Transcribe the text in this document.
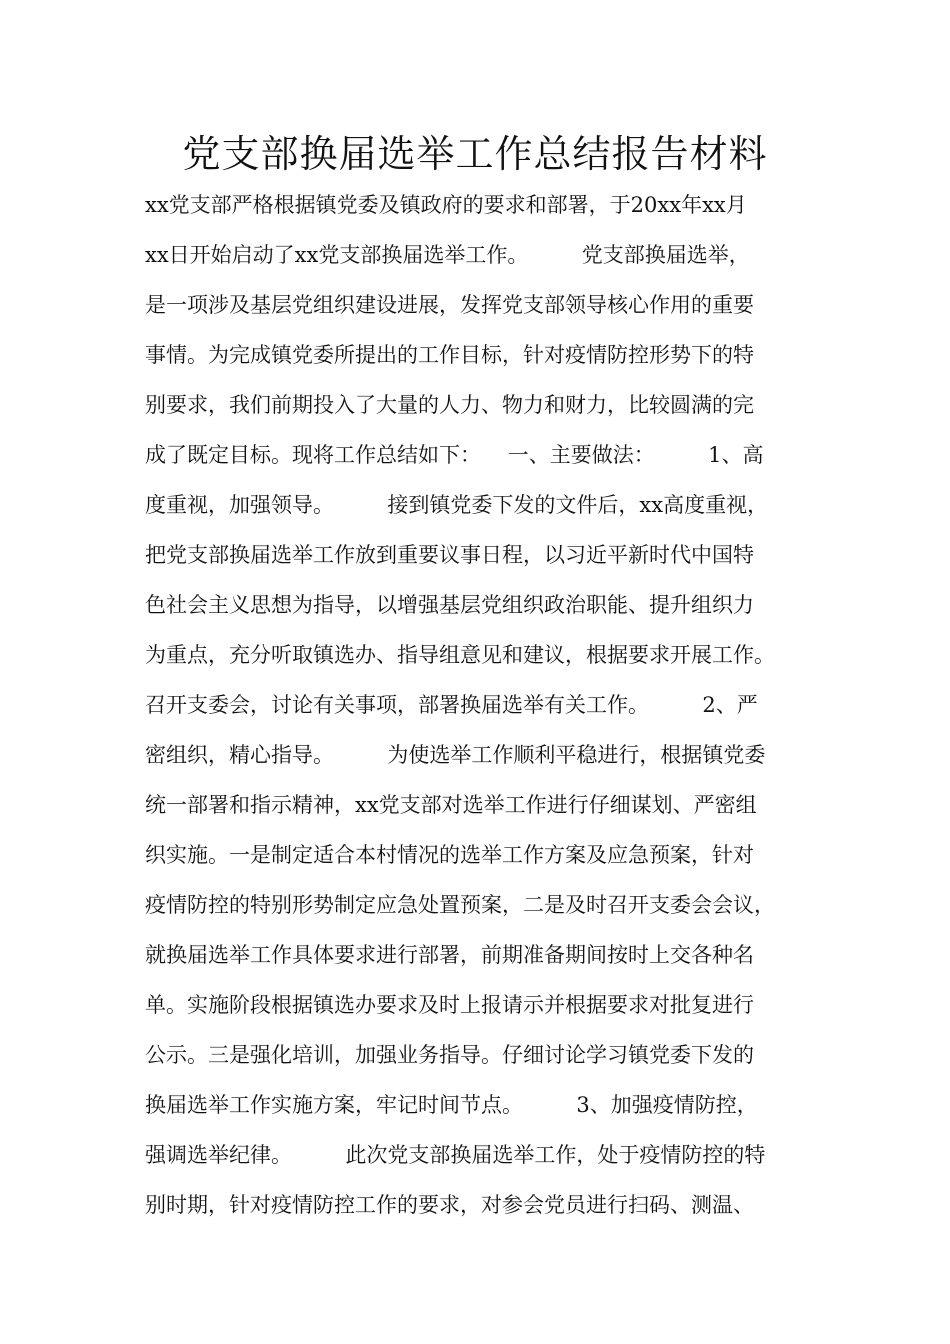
党支部换届选举工作总结报告材料
xx党支部严格根据镇党委及镇政府的要求和部署，于20xx年xx月
xx日开始启动了xx党支部换届选举工作。        党支部换届选举，
是一项涉及基层党组织建设进展，发挥党支部领导核心作用的重要
事情。为完成镇党委所提出的工作目标，针对疫情防控形势下的特
别要求，我们前期投入了大量的人力、物力和财力，比较圆满的完
成了既定目标。现将工作总结如下：    一、主要做法：        1、高
度重视，加强领导。        接到镇党委下发的文件后，xx高度重视，
把党支部换届选举工作放到重要议事日程，以习近平新时代中国特
色社会主义思想为指导，以增强基层党组织政治职能、提升组织力
为重点，充分听取镇选办、指导组意见和建议，根据要求开展工作。
召开支委会，讨论有关事项，部署换届选举有关工作。        2、严
密组织，精心指导。        为使选举工作顺利平稳进行，根据镇党委
统一部署和指示精神，xx党支部对选举工作进行仔细谋划、严密组
织实施。一是制定适合本村情况的选举工作方案及应急预案，针对
疫情防控的特别形势制定应急处置预案，二是及时召开支委会会议，
就换届选举工作具体要求进行部署，前期准备期间按时上交各种名
单。实施阶段根据镇选办要求及时上报请示并根据要求对批复进行
公示。三是强化培训，加强业务指导。仔细讨论学习镇党委下发的
换届选举工作实施方案，牢记时间节点。        3、加强疫情防控，
强调选举纪律。        此次党支部换届选举工作，处于疫情防控的特
别时期，针对疫情防控工作的要求，对参会党员进行扫码、测温、
